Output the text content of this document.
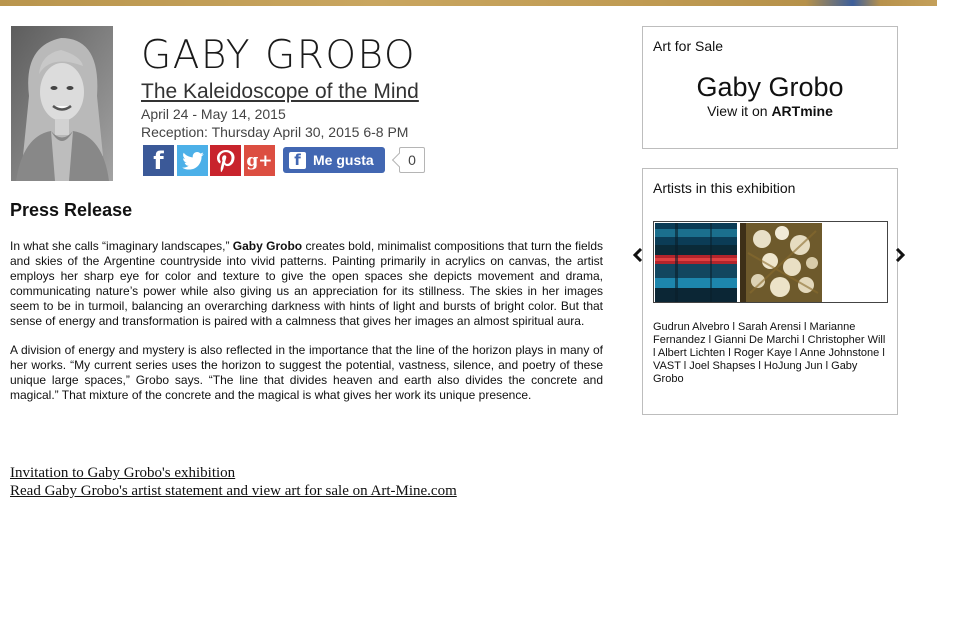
GABY GROBO
The Kaleidoscope of the Mind
April 24 - May 14, 2015
Reception: Thursday April 30, 2015 6-8 PM
f	g+	f Me gusta	0
Press Release

In what she calls “imaginary landscapes,” Gaby Grobo creates bold, minimalist compositions that turn the fields and skies of the Argentine countryside into vivid patterns. Painting primarily in acrylics on canvas, the artist employs her sharp eye for color and texture to give the open spaces she depicts movement and drama, communicating nature’s power while also giving us an appreciation for its stillness. The skies in her images seem to be in turmoil, balancing an overarching darkness with hints of light and bursts of bright color. But that sense of energy and transformation is paired with a calmness that gives her images an almost spiritual aura.

A division of energy and mystery is also reflected in the importance that the line of the horizon plays in many of her works. “My current series uses the horizon to suggest the potential, vastness, silence, and poetry of these unique large spaces,” Grobo says. “The line that divides heaven and earth also divides the concrete and magical.” That mixture of the concrete and the magical is what gives her work its unique presence.

Invitation to Gaby Grobo's exhibition
Read Gaby Grobo's artist statement and view art for sale on Art-Mine.com
Art for Sale
Gaby Grobo
View it on ARTmine
Artists in this exhibition
Gudrun Alvebro l Sarah Arensi l Marianne Fernandez l Gianni De Marchi l Christopher Will l Albert Lichten l Roger Kaye l Anne Johnstone l VAST l Joel Shapses l HoJung Jun l Gaby Grobo
